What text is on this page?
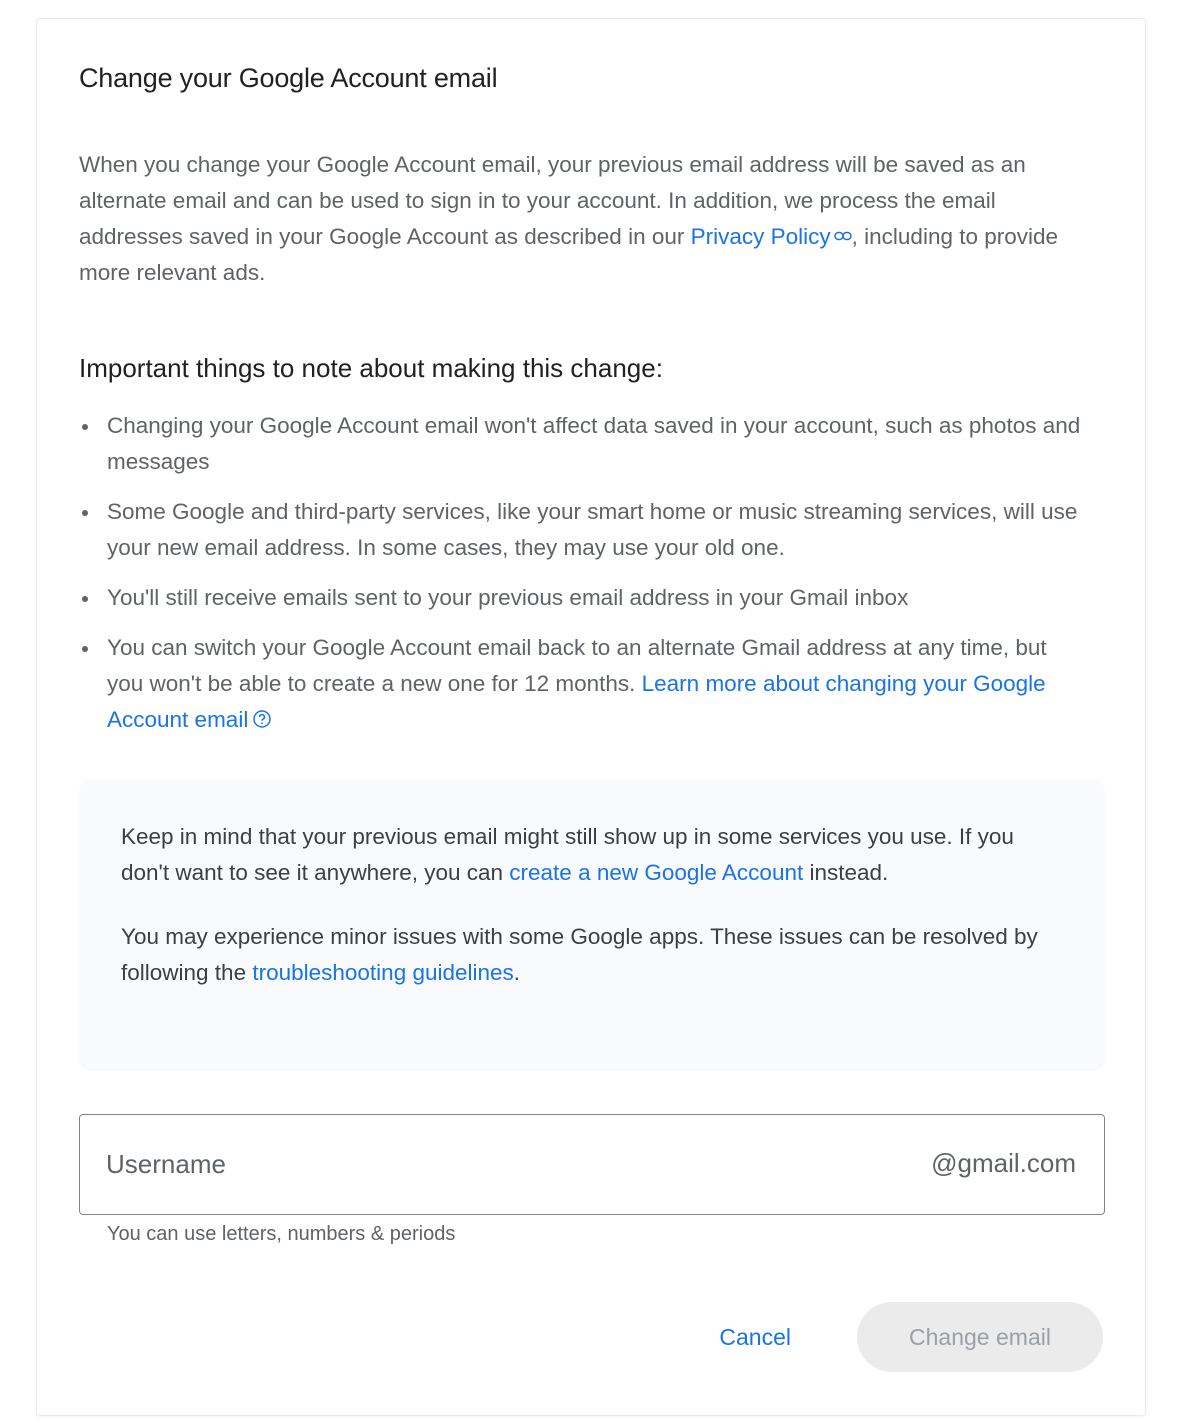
Change your Google Account email

When you change your Google Account email, your previous email address will be saved as an alternate email and can be used to sign in to your account. In addition, we process the email addresses saved in your Google Account as described in our Privacy Policy , including to provide more relevant ads.

Important things to note about making this change:
Changing your Google Account email won't affect data saved in your account, such as photos and messages
Some Google and third-party services, like your smart home or music streaming services, will use your new email address. In some cases, they may use your old one.
You'll still receive emails sent to your previous email address in your Gmail inbox
You can switch your Google Account email back to an alternate Gmail address at any time, but you won't be able to create a new one for 12 months. Learn more about changing your Google Account email

Keep in mind that your previous email might still show up in some services you use. If you don't want to see it anywhere, you can create a new Google Account instead.

You may experience minor issues with some Google apps. These issues can be resolved by following the troubleshooting guidelines.

Username
@gmail.com
You can use letters, numbers & periods
Cancel	Change email
